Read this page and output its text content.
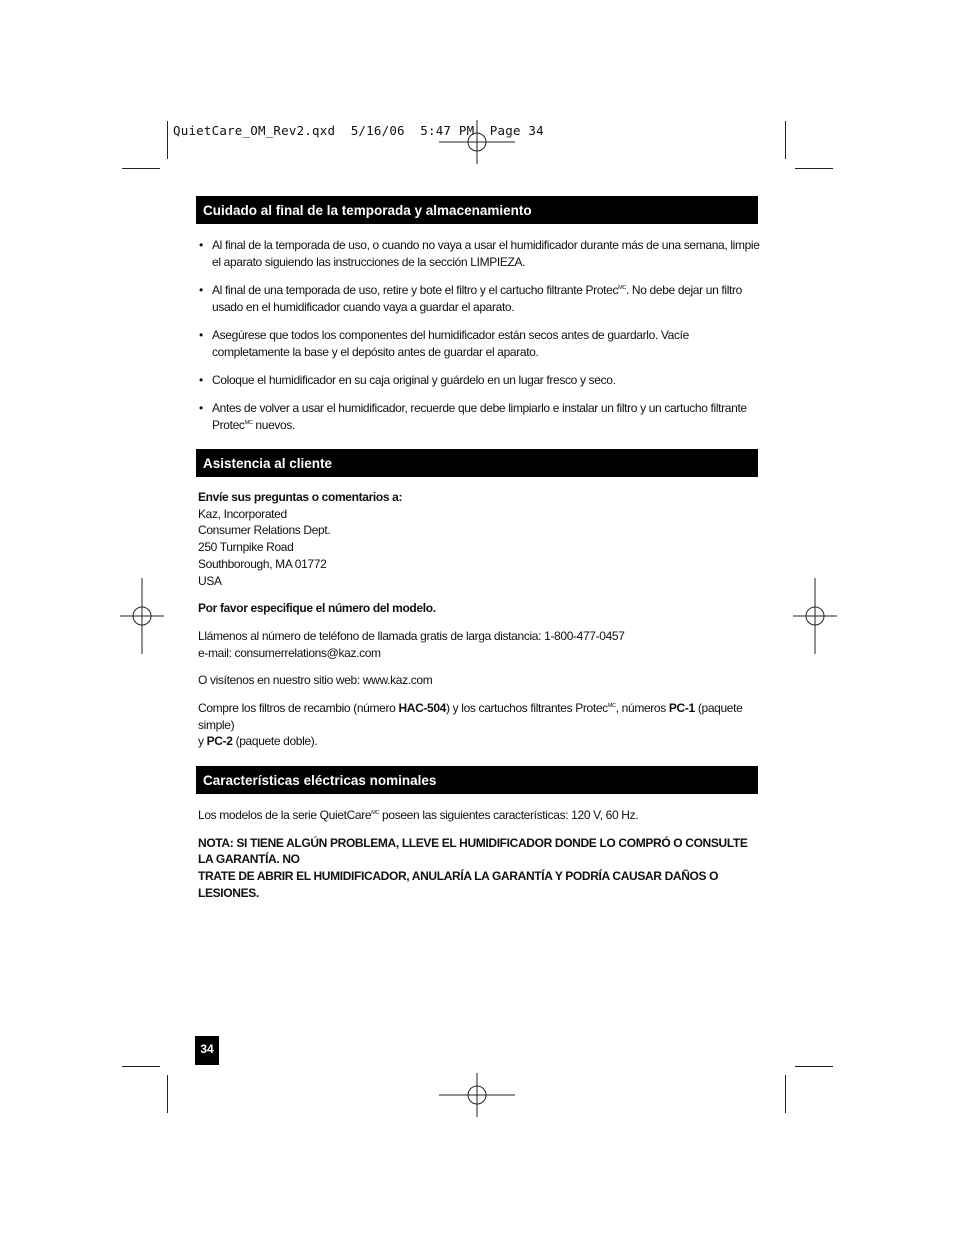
QuietCare_OM_Rev2.qxd 5/16/06 5:47 PM Page 34
Cuidado al final de la temporada y almacenamiento
• Al final de la temporada de uso, o cuando no vaya a usar el humidificador durante más de una semana, limpie el aparato siguiendo las instrucciones de la sección LIMPIEZA.
• Al final de una temporada de uso, retire y bote el filtro y el cartucho filtrante Protec$^{MC}$. No debe dejar un filtro usado en el humidificador cuando vaya a guardar el aparato.
• Asegúrese que todos los componentes del humidificador están secos antes de guardarlo. Vacíe completamente la base y el depósito antes de guardar el aparato.
• Coloque el humidificador en su caja original y guárdelo en un lugar fresco y seco.
• Antes de volver a usar el humidificador, recuerde que debe limpiarlo e instalar un filtro y un cartucho filtrante Protec$^{MC}$ nuevos.
Asistencia al cliente

Envíe sus preguntas o comentarios a:

Kaz, Incorporated

Consumer Relations Dept.

250 Turnpike Road

Southborough, MA 01772

USA

Por favor especifique el número del modelo.

Llámenos al número de teléfono de llamada gratis de larga distancia: 1-800-477-0457

e-mail: consumerrelations@kaz.com

O visítenos en nuestro sitio web: www.kaz.com

Compre los filtros de recambio (número HAC-504) y los cartuchos filtrantes Protec$^{MC}$, números PC-1 (paquete simple)

y PC-2 (paquete doble).

Características eléctricas nominales

Los modelos de la serie QuietCare$^{MC}$ poseen las siguientes características: 120 V, 60 Hz.

NOTA: SI TIENE ALGÚN PROBLEMA, LLEVE EL HUMIDIFICADOR DONDE LO COMPRÓ O CONSULTE LA GARANTÍA. NO

TRATE DE ABRIR EL HUMIDIFICADOR, ANULARÍA LA GARANTÍA Y PODRÍA CAUSAR DAÑOS O LESIONES.

34
